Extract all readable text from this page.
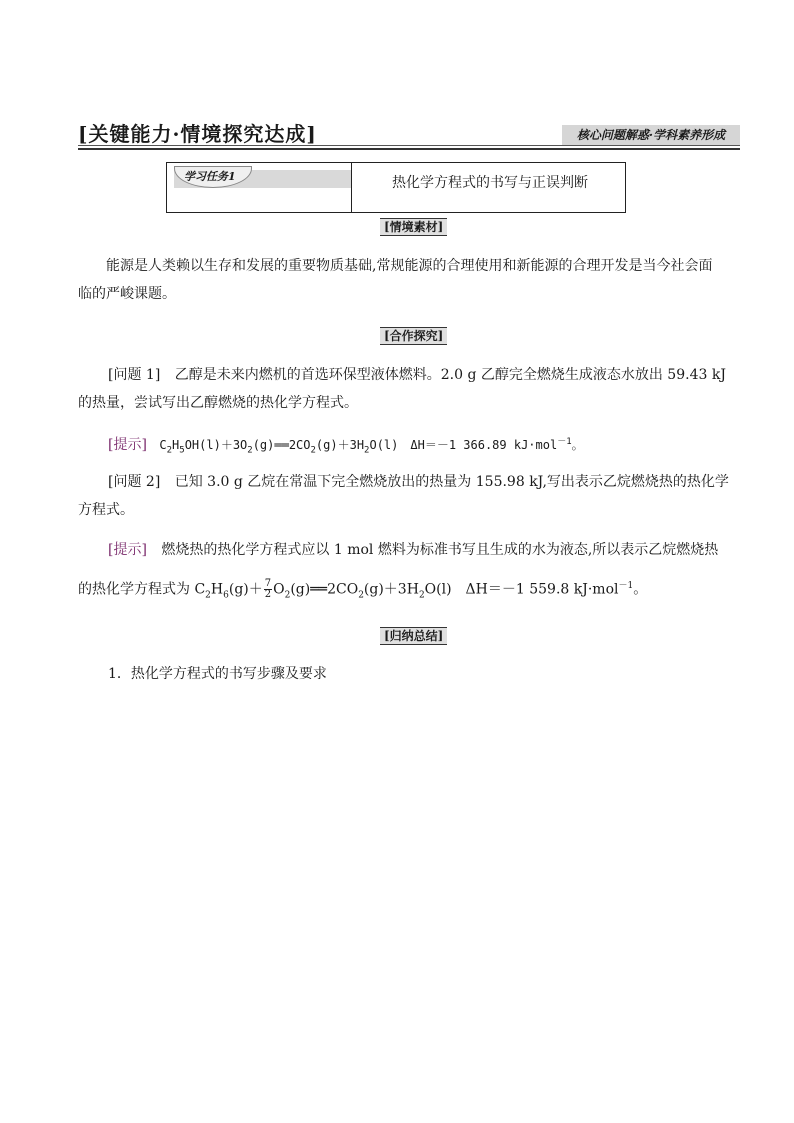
[关键能力·情境探究达成]	核心问题解惑·学科素养形成
学习任务1	热化学方程式的书写与正误判断
[情境素材]
能源是人类赖以生存和发展的重要物质基础,常规能源的合理使用和新能源的合理开发是当今社会面
临的严峻课题。
[合作探究]
[问题 1] 乙醇是未来内燃机的首选环保型液体燃料。2.0 g 乙醇完全燃烧生成液态水放出 59.43 kJ
的热量，尝试写出乙醇燃烧的热化学方程式。
[提示] $C_2H_5OH(l)+3O_2(g)══2CO_2(g)+3H_2O(l)$　ΔH＝－1 366.89 kJ·mol$^{-1}$。
[问题 2] 已知 3.0 g 乙烷在常温下完全燃烧放出的热量为 155.98 kJ,写出表示乙烷燃烧热的热化学
方程式。
[提示] 燃烧热的热化学方程式应以 1 mol 燃料为标准书写且生成的水为液态,所以表示乙烷燃烧热
的热化学方程式为 $C_2H_6(g)+ \frac{7}{2}$ $O_2(g)══2CO_2(g)+3H_2O(l)$　ΔH＝－1 559.8 kJ·mol$^{-1}$。
[归纳总结]
1．热化学方程式的书写步骤及要求
